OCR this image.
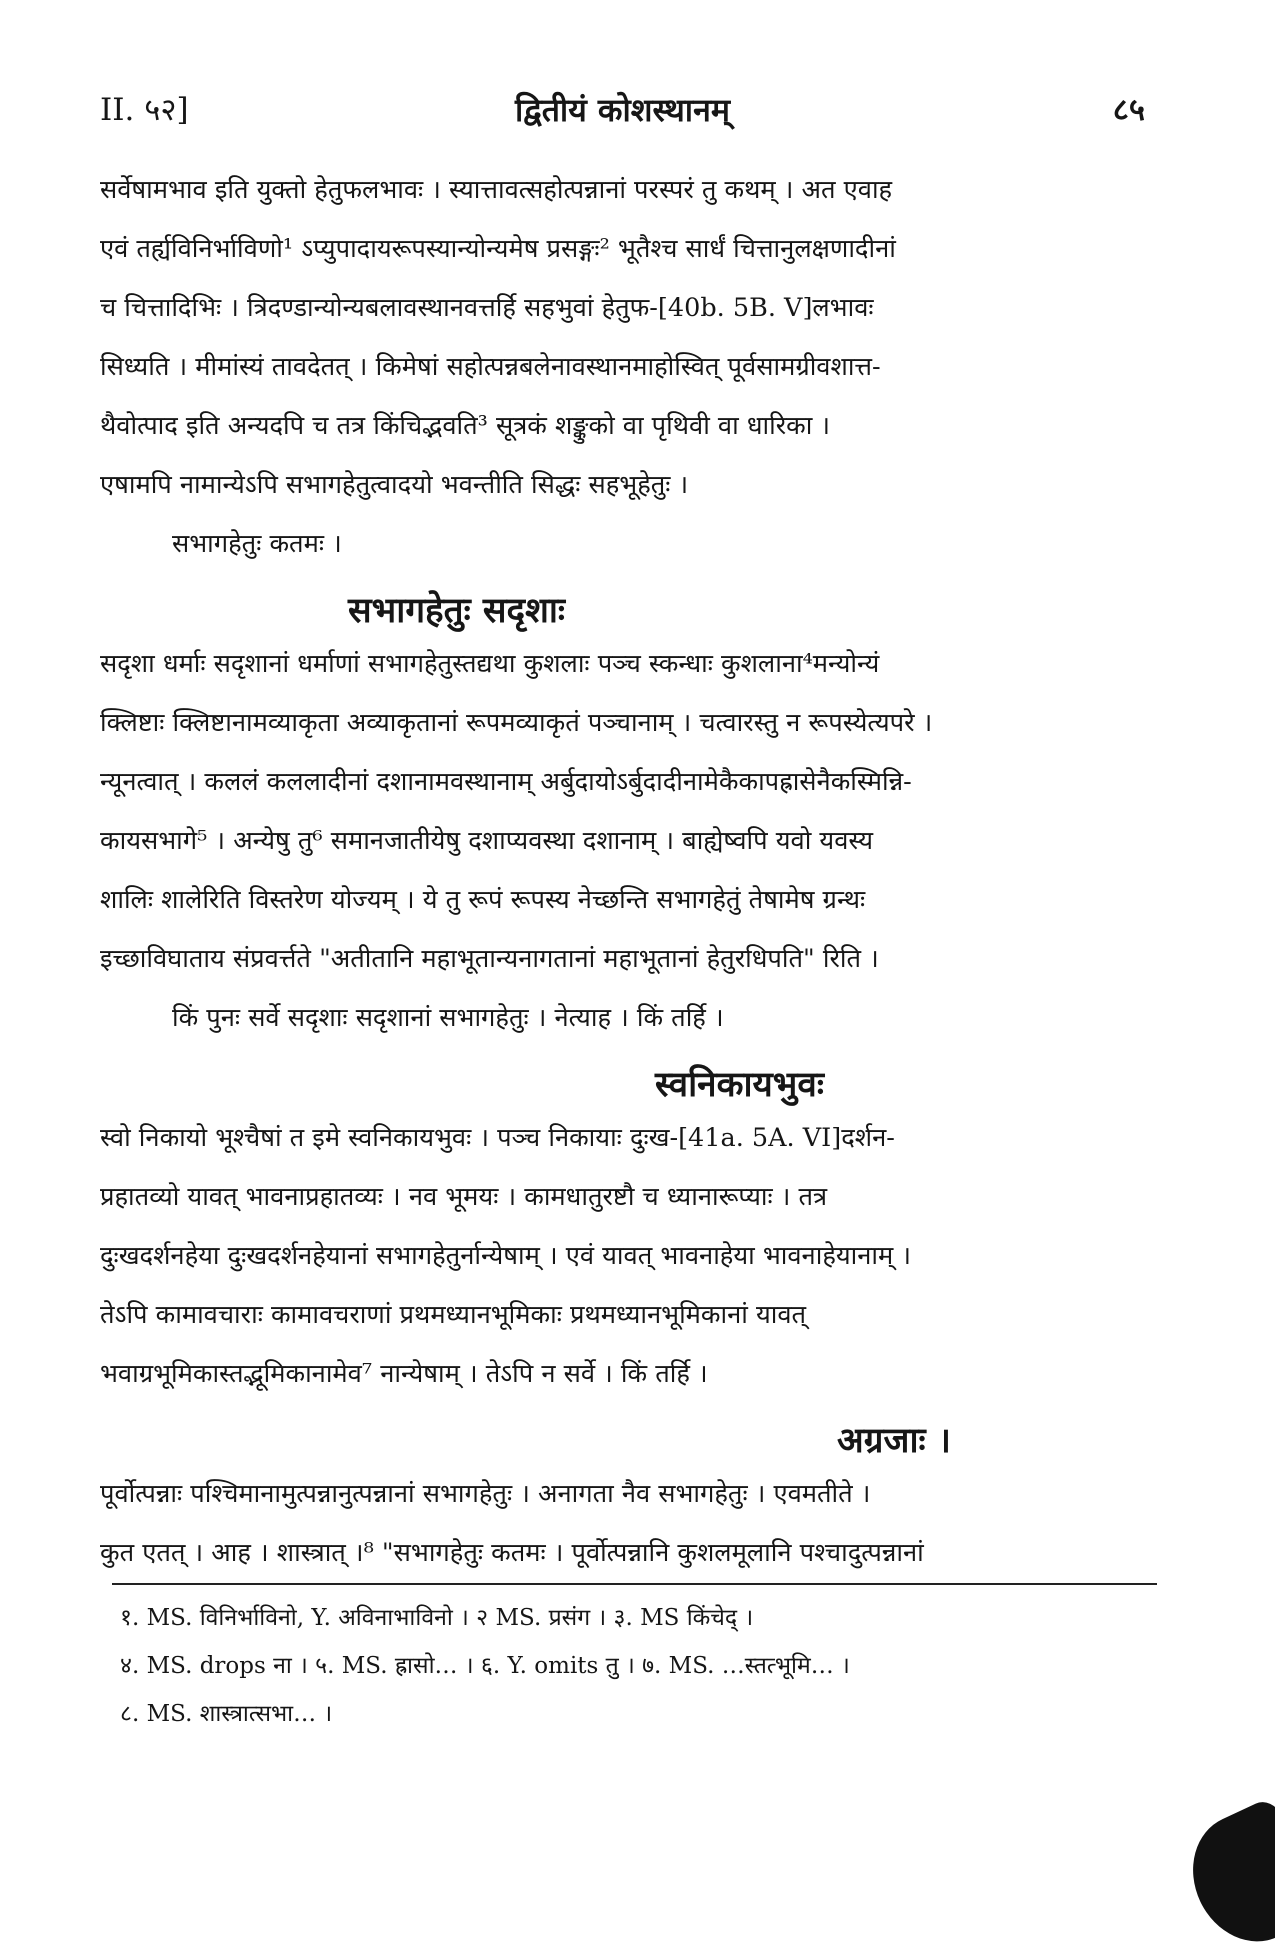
II. ५२]	द्वितीयं कोशस्थानम्	८५
सर्वेषामभाव इति युक्तो हेतुफलभावः । स्यात्तावत्सहोत्पन्नानां परस्परं तु कथम् । अत एवाह
एवं तर्ह्यविनिर्भाविणो¹ ऽप्युपादायरूपस्यान्योन्यमेष प्रसङ्गः² भूतैश्च सार्धं चित्तानुलक्षणादीनां
च चित्तादिभिः । त्रिदण्डान्योन्यबलावस्थानवत्तर्हि सहभुवां हेतुफ-[40b. 5B. V]लभावः
सिध्यति । मीमांस्यं तावदेतत् । किमेषां सहोत्पन्नबलेनावस्थानमाहोस्वित् पूर्वसामग्रीवशात्त-
थैवोत्पाद इति अन्यदपि च तत्र किंचिद्भवति³ सूत्रकं शङ्कुको वा पृथिवी वा धारिका ।
एषामपि नामान्येऽपि सभागहेतुत्वादयो भवन्तीति सिद्धः सहभूहेतुः ।
सभागहेतुः कतमः ।
सभागहेतुः सदृशाः
सदृशा धर्माः सदृशानां धर्माणां सभागहेतुस्तद्यथा कुशलाः पञ्च स्कन्धाः कुशलाना⁴मन्योन्यं
क्लिष्टाः क्लिष्टानामव्याकृता अव्याकृतानां रूपमव्याकृतं पञ्चानाम् । चत्वारस्तु न रूपस्येत्यपरे ।
न्यूनत्वात् । कललं कललादीनां दशानामवस्थानाम् अर्बुदायोऽर्बुदादीनामेकैकापह्रासेनैकस्मिन्नि-
कायसभागे⁵ । अन्येषु तु⁶ समानजातीयेषु दशाप्यवस्था दशानाम् । बाह्येष्वपि यवो यवस्य
शालिः शालेरिति विस्तरेण योज्यम् । ये तु रूपं रूपस्य नेच्छन्ति सभागहेतुं तेषामेष ग्रन्थः
इच्छाविघाताय संप्रवर्त्तते "अतीतानि महाभूतान्यनागतानां महाभूतानां हेतुरधिपति" रिति ।
किं पुनः सर्वे सदृशाः सदृशानां सभागहेतुः । नेत्याह । किं तर्हि ।
स्वनिकायभुवः
स्वो निकायो भूश्चैषां त इमे स्वनिकायभुवः । पञ्च निकायाः दुःख-[41a. 5A. VI]दर्शन-
प्रहातव्यो यावत् भावनाप्रहातव्यः । नव भूमयः । कामधातुरष्टौ च ध्यानारूप्याः । तत्र
दुःखदर्शनहेया दुःखदर्शनहेयानां सभागहेतुर्नान्येषाम् । एवं यावत् भावनाहेया भावनाहेयानाम् ।
तेऽपि कामावचाराः कामावचराणां प्रथमध्यानभूमिकाः प्रथमध्यानभूमिकानां यावत्
भवाग्रभूमिकास्तद्भूमिकानामेव⁷ नान्येषाम् । तेऽपि न सर्वे । किं तर्हि ।
अग्रजाः ।
पूर्वोत्पन्नाः पश्चिमानामुत्पन्नानुत्पन्नानां सभागहेतुः । अनागता नैव सभागहेतुः । एवमतीते ।
कुत एतत् । आह । शास्त्रात् ।⁸ "सभागहेतुः कतमः । पूर्वोत्पन्नानि कुशलमूलानि पश्चादुत्पन्नानां
१. MS. विनिर्भाविनो, Y. अविनाभाविनो । २ MS. प्रसंग । ३. MS किंचेद् ।
४. MS. drops ना । ५. MS. ह्रासो… । ६. Y. omits तु । ७. MS. …स्तत्भूमि… ।
८. MS. शास्त्रात्सभा… ।
